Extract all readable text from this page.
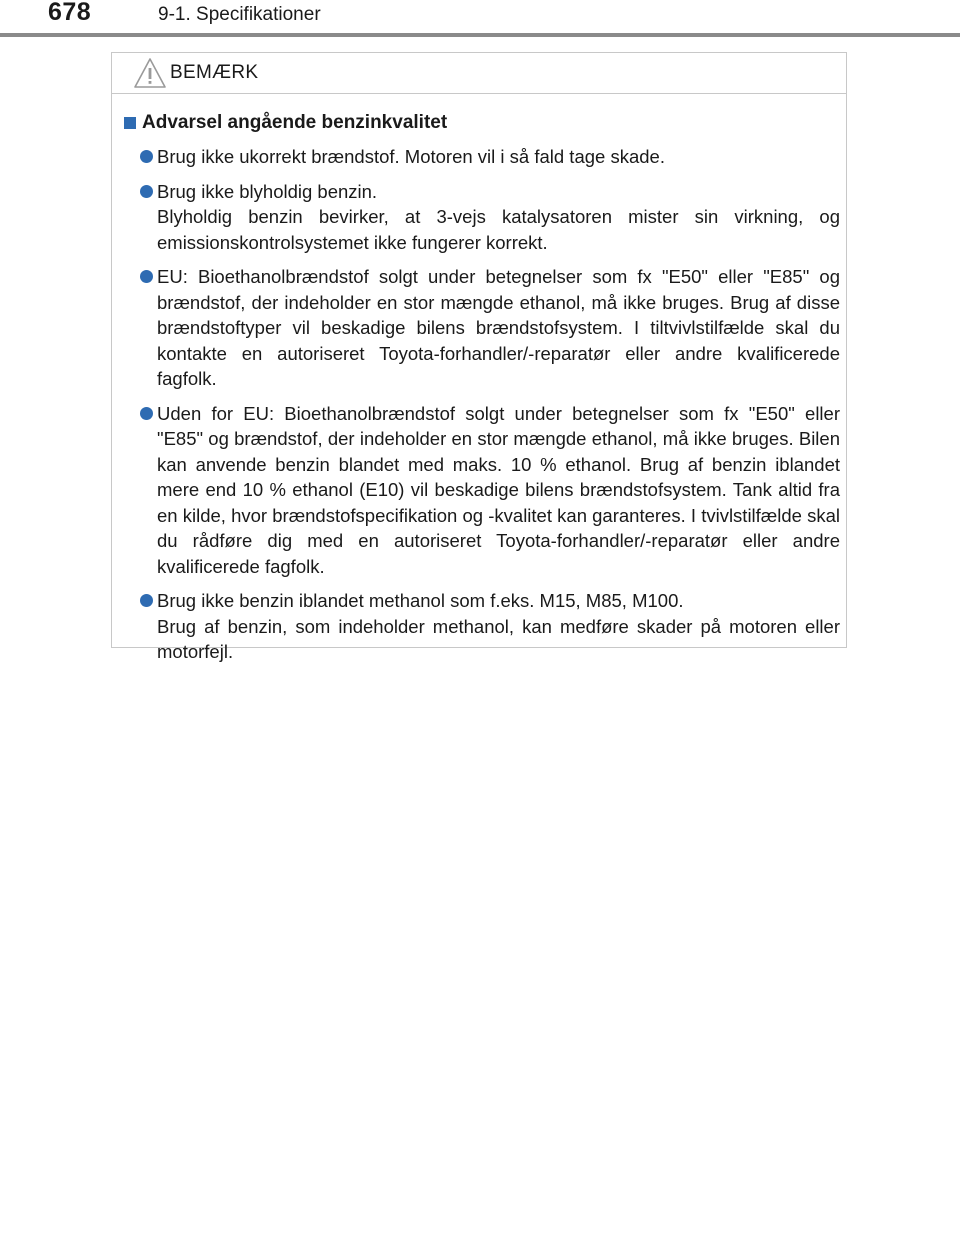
678	9-1. Specifikationer
BEMÆRK
Advarsel angående benzinkvalitet
Brug ikke ukorrekt brændstof. Motoren vil i så fald tage skade.
Brug ikke blyholdig benzin.
Blyholdig benzin bevirker, at 3-vejs katalysatoren mister sin virkning, og emissionskontrolsystemet ikke fungerer korrekt.
EU: Bioethanolbrændstof solgt under betegnelser som fx "E50" eller "E85" og brændstof, der indeholder en stor mængde ethanol, må ikke bruges. Brug af disse brændstoftyper vil beskadige bilens brændstofsystem. I tiltvivlstilfælde skal du kontakte en autoriseret Toyota-forhandler/-reparatør eller andre kvalificerede fagfolk.
Uden for EU: Bioethanolbrændstof solgt under betegnelser som fx "E50" eller "E85" og brændstof, der indeholder en stor mængde ethanol, må ikke bruges. Bilen kan anvende benzin blandet med maks. 10 % ethanol. Brug af benzin iblandet mere end 10 % ethanol (E10) vil beskadige bilens brændstofsystem. Tank altid fra en kilde, hvor brændstofspecifikation og -kvalitet kan garanteres. I tvivlstilfælde skal du rådføre dig med en autoriseret Toyota-forhandler/-reparatør eller andre kvalificerede fagfolk.
Brug ikke benzin iblandet methanol som f.eks. M15, M85, M100.
Brug af benzin, som indeholder methanol, kan medføre skader på motoren eller motorfejl.
